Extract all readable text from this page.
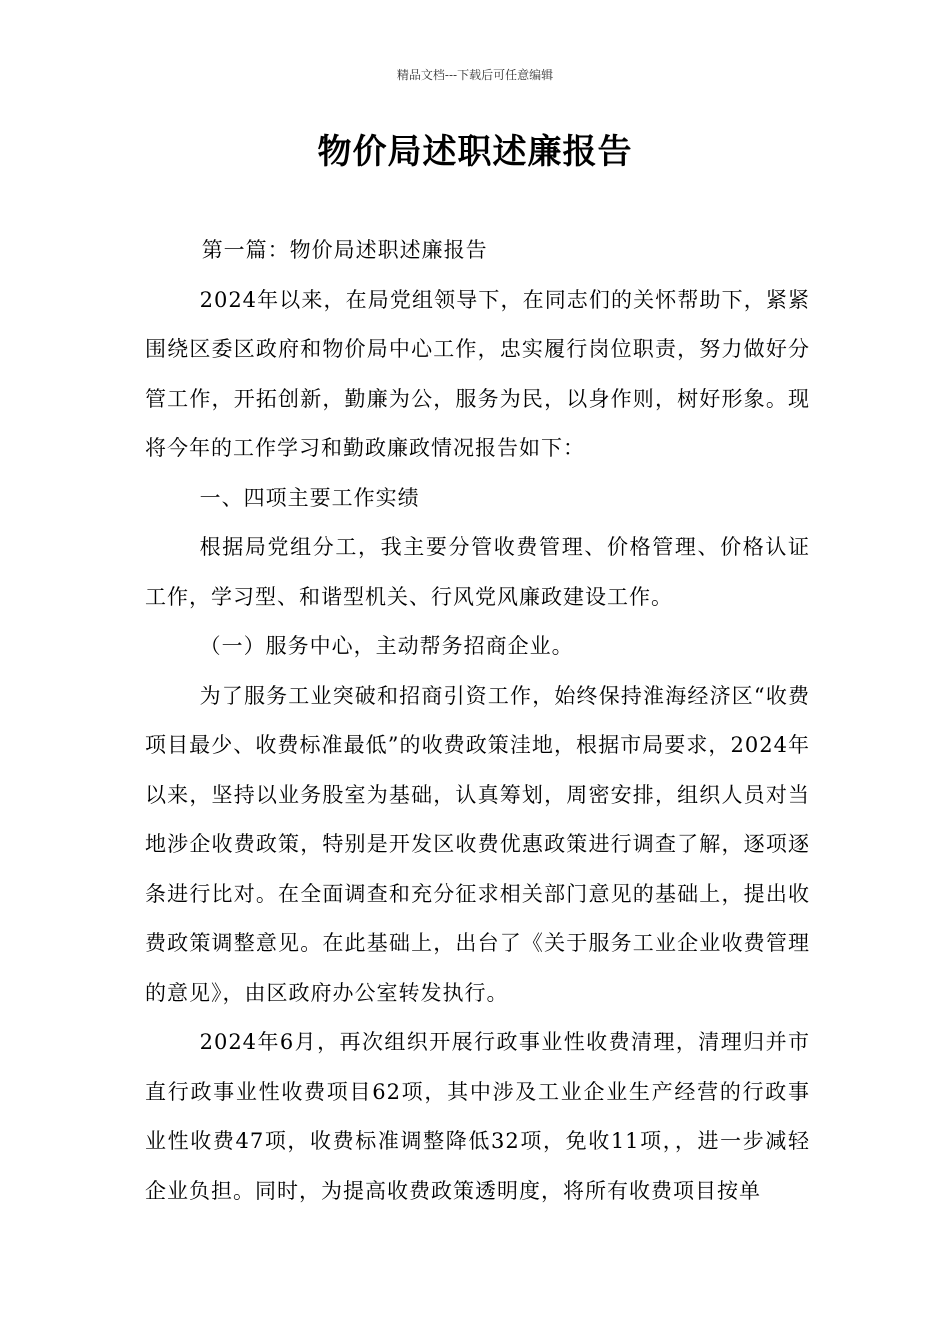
精品文档---下载后可任意编辑
物价局述职述廉报告

第一篇：物价局述职述廉报告

2024年以来，在局党组领导下，在同志们的关怀帮助下，紧紧围绕区委区政府和物价局中心工作，忠实履行岗位职责，努力做好分管工作，开拓创新，勤廉为公，服务为民，以身作则，树好形象。现将今年的工作学习和勤政廉政情况报告如下：

一、四项主要工作实绩

根据局党组分工，我主要分管收费管理、价格管理、价格认证工作，学习型、和谐型机关、行风党风廉政建设工作。

（一）服务中心，主动帮务招商企业。

为了服务工业突破和招商引资工作，始终保持淮海经济区“收费项目最少、收费标准最低”的收费政策洼地，根据市局要求，2024年以来，坚持以业务股室为基础，认真筹划，周密安排，组织人员对当地涉企收费政策，特别是开发区收费优惠政策进行调查了解，逐项逐条进行比对。在全面调查和充分征求相关部门意见的基础上，提出收费政策调整意见。在此基础上，出台了《关于服务工业企业收费管理的意见》，由区政府办公室转发执行。

2024年6月，再次组织开展行政事业性收费清理，清理归并市直行政事业性收费项目62项，其中涉及工业企业生产经营的行政事业性收费47项，收费标准调整降低32项，免收11项，，进一步减轻企业负担。同时，为提高收费政策透明度，将所有收费项目按单
